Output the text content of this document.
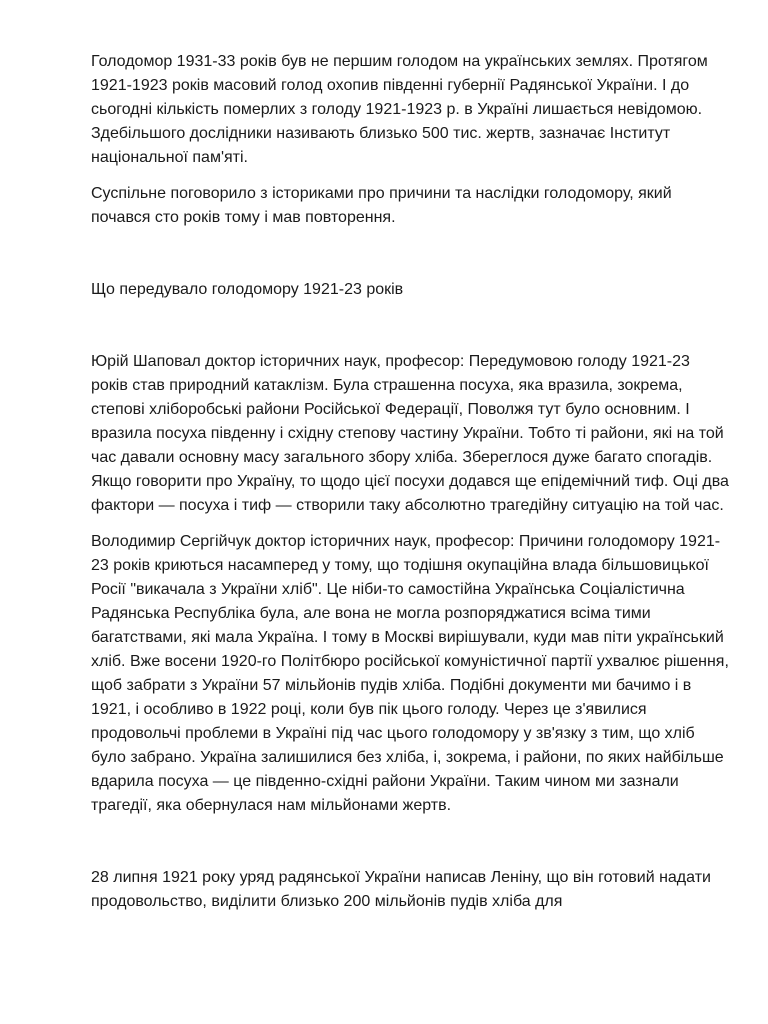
Голодомор 1931-33 років був не першим голодом на українських землях. Протягом 1921-1923 років масовий голод охопив південні губернії Радянської України. І до сьогодні кількість померлих з голоду 1921-1923 р. в Україні лишається невідомою. Здебільшого дослідники називають близько 500 тис. жертв, зазначає Інститут національної пам'яті.

Суспільне поговорило з істориками про причини та наслідки голодомору, який почався сто років тому і мав повторення.

Що передувало голодомору 1921-23 років

Юрій Шаповал доктор історичних наук, професор: Передумовою голоду 1921-23 років став природний катаклізм. Була страшенна посуха, яка вразила, зокрема, степові хліборобські райони Російської Федерації, Поволжя тут було основним. І вразила посуха південну і східну степову частину України. Тобто ті райони, які на той час давали основну масу загального збору хліба. Збереглося дуже багато спогадів. Якщо говорити про Україну, то щодо цієї посухи додався ще епідемічний тиф. Оці два фактори — посуха і тиф — створили таку абсолютно трагедійну ситуацію на той час.

Володимир Сергійчук доктор історичних наук, професор: Причини голодомору 1921-23 років криються насамперед у тому, що тодішня окупаційна влада більшовицької Росії "викачала з України хліб". Це ніби-то самостійна Українська Соціалістична Радянська Республіка була, але вона не могла розпоряджатися всіма тими багатствами, які мала Україна. І тому в Москві вирішували, куди мав піти український хліб. Вже восени 1920-го Політбюро російської комуністичної партії ухвалює рішення, щоб забрати з України 57 мільйонів пудів хліба. Подібні документи ми бачимо і в 1921, і особливо в 1922 році, коли був пік цього голоду. Через це з'явилися продовольчі проблеми в Україні під час цього голодомору у зв'язку з тим, що хліб було забрано. Україна залишилися без хліба, і, зокрема, і райони, по яких найбільше вдарила посуха — це південно-східні райони України. Таким чином ми зазнали трагедії, яка обернулася нам мільйонами жертв.

28 липня 1921 року уряд радянської України написав Леніну, що він готовий надати продовольство, виділити близько 200 мільйонів пудів хліба для
